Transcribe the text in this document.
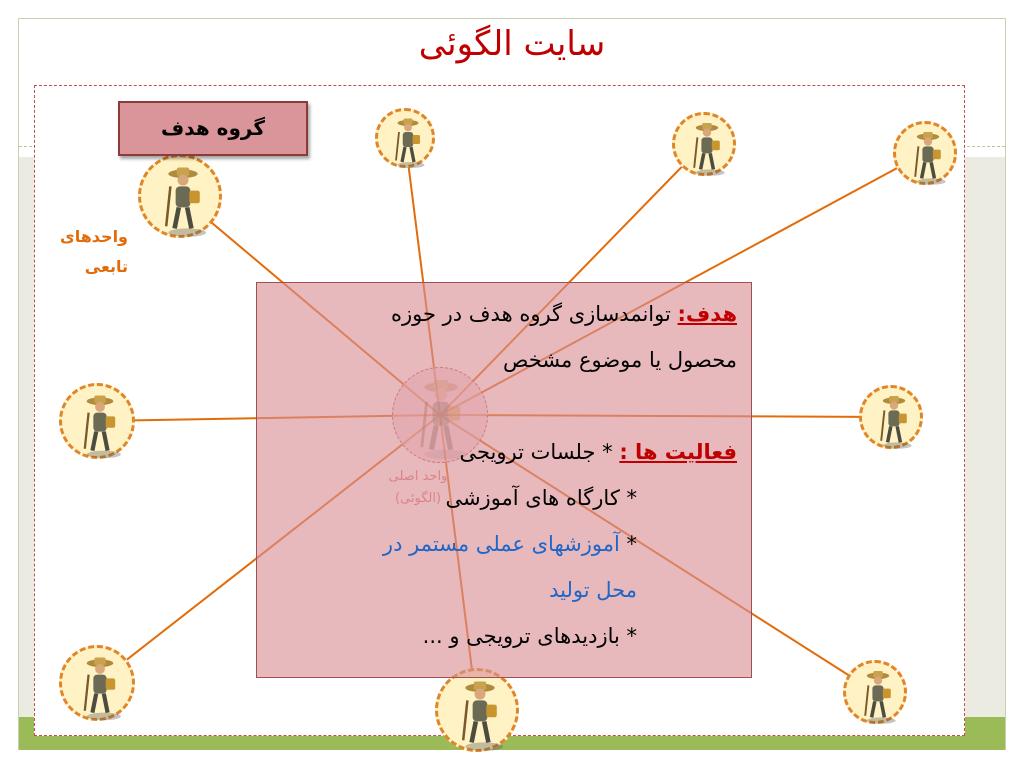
سایت الگوئی
گروه هدف
واحدهای
تابعی

هدف: توانمدسازی گروه هدف در حوزه

محصول یا موضوع مشخص

فعالیت ها : * جلسات ترویجی

* کارگاه های آموزشی

* آموزشهای عملی مستمر در

محل تولید

* بازدیدهای ترویجی و ...
